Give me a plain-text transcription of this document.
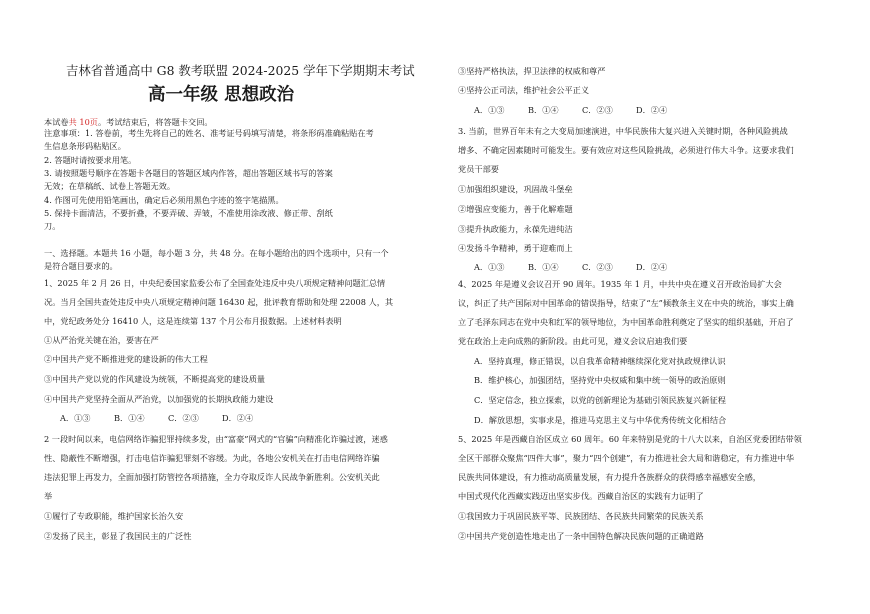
吉林省普通高中 G8 教考联盟 2024-2025 学年下学期期末考试
高一年级 思想政治
本试卷共 10页。考试结束后，将答题卡交回。
注意事项：1. 答卷前，考生先将自己的姓名、准考证号码填写清楚，将条形码准确粘贴在考
生信息条形码粘贴区。
2. 答题时请按要求用笔。
3. 请按照题号顺序在答题卡各题目的答题区域内作答，超出答题区域书写的答案
无效；在草稿纸、试卷上答题无效。
4. 作图可先使用铅笔画出，确定后必须用黑色字迹的签字笔描黑。
5. 保持卡面清洁，不要折叠，不要弄破、弄皱，不准使用涂改液、修正带、刮纸
刀。
一、选择题。本题共 16 小题，每小题 3 分，共 48 分。在每小题给出的四个选项中，只有一个
是符合题目要求的。
1、2025 年 2 月 26 日，中央纪委国家监委公布了全国查处违反中央八项规定精神问题汇总情
况。当月全国共查处违反中央八项规定精神问题 16430 起，批评教育帮助和处理 22008 人，其
中，党纪政务处分 16410 人，这是连续第 137 个月公布月报数据。上述材料表明
①从严治党关键在治，要害在严
②中国共产党不断推进党的建设新的伟大工程
③中国共产党以党的作风建设为统领，不断提高党的建设质量
④中国共产党坚持全面从严治党，以加强党的长期执政能力建设
A．①③	B．①④	C．②③	D．②④
2 一段时间以来，电信网络诈骗犯罪持续多发，由“富豪”网式的“官骗”向精准化诈骗过渡，迷惑
性、隐蔽性不断增强，打击电信诈骗犯罪刻不容缓。为此，各地公安机关在打击电信网络诈骗
违法犯罪上再发力，全面加强打防管控各项措施，全力夺取反诈人民战争新胜利。公安机关此
举
①履行了专政职能，维护国家长治久安
②发扬了民主，彰显了我国民主的广泛性
③坚持严格执法，捍卫法律的权威和尊严
④坚持公正司法，维护社会公平正义
A．①③	B．①④	C．②③	D．②④
3. 当前，世界百年未有之大变局加速演进，中华民族伟大复兴进入关键时期，各种风险挑战
增多、不确定因素随时可能发生。要有效应对这些风险挑战，必须进行伟大斗争。这要求我们
党员干部要
①加强组织建设，巩固战斗堡垒
②增强应变能力，善于化解难题
③提升执政能力，永葆先进纯洁
④发扬斗争精神，勇于迎难而上
A．①③	B．①④	C．②③	D．②④
4、2025 年是遵义会议召开 90 周年。1935 年 1 月，中共中央在遵义召开政治局扩大会
议，纠正了共产国际对中国革命的错误指导，结束了“左”倾教条主义在中央的统治，事实上确
立了毛泽东同志在党中央和红军的领导地位，为中国革命胜利奠定了坚实的组织基础，开启了
党在政治上走向成熟的新阶段。由此可见，遵义会议启迪我们要
A．坚持真理，修正错误，以自我革命精神继续深化党对执政规律认识
B．维护核心，加强团结，坚持党中央权威和集中统一领导的政治原则
C．坚定信念，独立探索，以党的创新理论为基础引领民族复兴新征程
D．解放思想，实事求是，推进马克思主义与中华优秀传统文化相结合
5、2025 年是西藏自治区成立 60 周年。60 年来特别是党的十八大以来，自治区党委团结带领
全区干部群众聚焦“四件大事”，聚力“四个创建”，有力推进社会大局和谐稳定，有力推进中华
民族共同体建设，有力推动高质量发展，有力提升各族群众的获得感幸福感安全感，
中国式现代化西藏实践迈出坚实步伐。西藏自治区的实践有力证明了
①我国致力于巩固民族平等、民族团结、各民族共同繁荣的民族关系
②中国共产党创造性地走出了一条中国特色解决民族问题的正确道路
